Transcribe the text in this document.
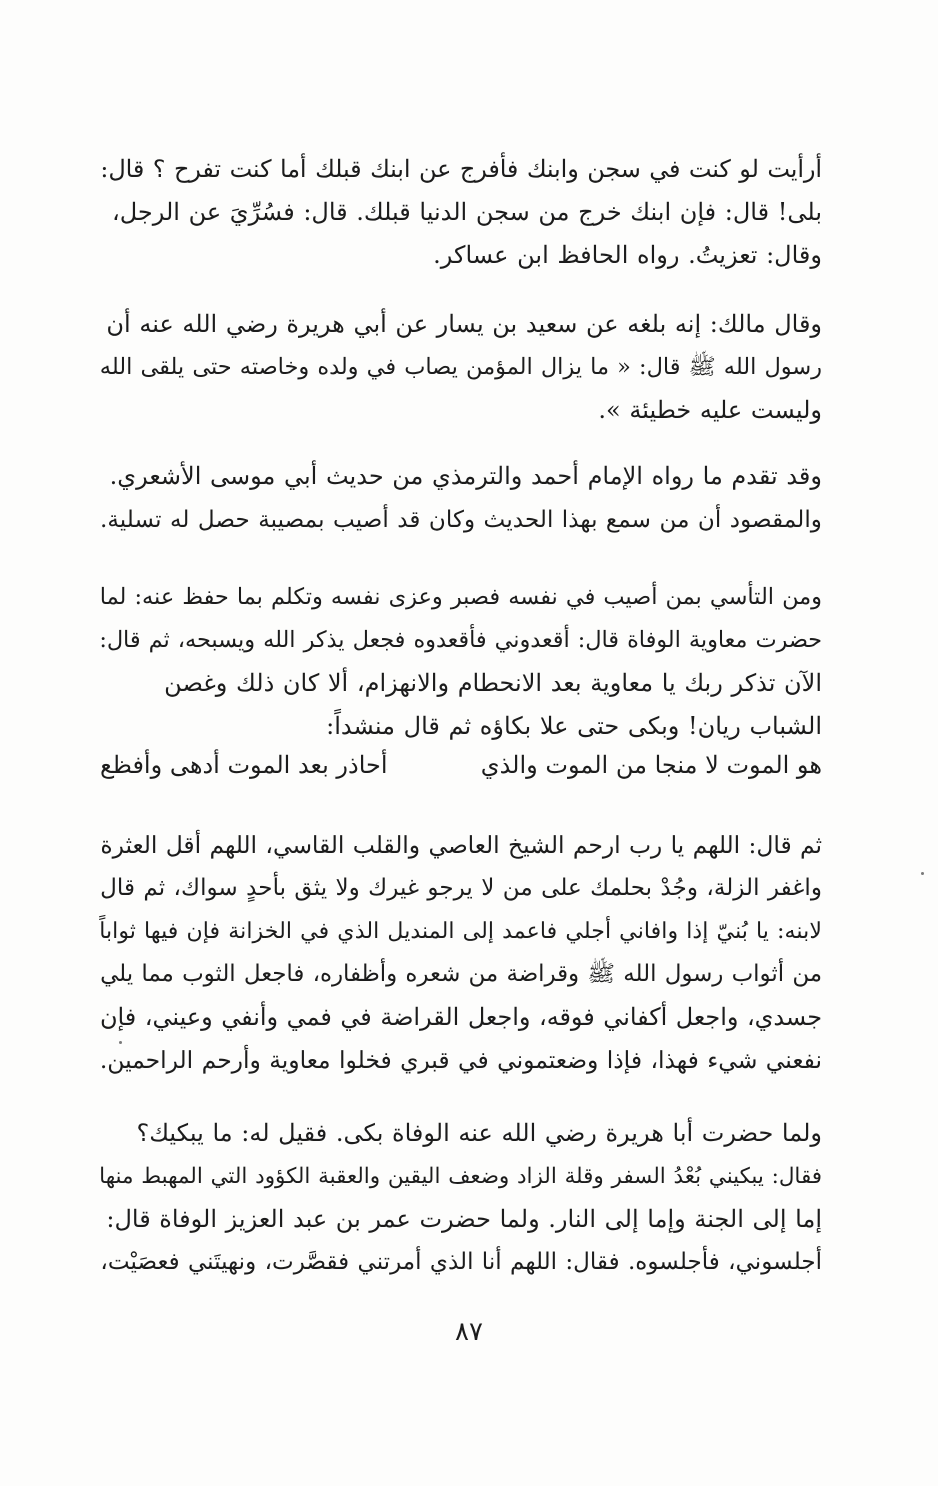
أرأيت لو كنت في سجن وابنك فأفرج عن ابنك قبلك أما كنت تفرح ؟ قال:
بلى! قال: فإن ابنك خرج من سجن الدنيا قبلك. قال: فسُرِّيَ عن الرجل،
وقال: تعزيتُ. رواه الحافظ ابن عساكر.

وقال مالك: إنه بلغه عن سعيد بن يسار عن أبي هريرة رضي الله عنه أن
رسول الله ﷺ قال: « ما يزال المؤمن يصاب في ولده وخاصته حتى يلقى الله
وليست عليه خطيئة ».

وقد تقدم ما رواه الإمام أحمد والترمذي من حديث أبي موسى الأشعري.
والمقصود أن من سمع بهذا الحديث وكان قد أصيب بمصيبة حصل له تسلية.

ومن التأسي بمن أصيب في نفسه فصبر وعزى نفسه وتكلم بما حفظ عنه: لما
حضرت معاوية الوفاة قال: أقعدوني فأقعدوه فجعل يذكر الله ويسبحه، ثم قال:
الآن تذكر ربك يا معاوية بعد الانحطام والانهزام، ألا كان ذلك وغصن
الشباب ريان! وبكى حتى علا بكاؤه ثم قال منشداً:

هو الموت لا منجا من الموت والذي
أحاذر بعد الموت أدهى وأفظع

ثم قال: اللهم يا رب ارحم الشيخ العاصي والقلب القاسي، اللهم أقل العثرة
واغفر الزلة، وجُدْ بحلمك على من لا يرجو غيرك ولا يثق بأحدٍ سواك، ثم قال
لابنه: يا بُنيّ إذا وافاني أجلي فاعمد إلى المنديل الذي في الخزانة فإن فيها ثواباً
من أثواب رسول الله ﷺ وقراضة من شعره وأظفاره، فاجعل الثوب مما يلي
جسدي، واجعل أكفاني فوقه، واجعل القراضة في فمي وأنفي وعيني، فإن
نفعني شيء فهذا، فإذا وضعتموني في قبري فخلوا معاوية وأرحم الراحمين.

ولما حضرت أبا هريرة رضي الله عنه الوفاة بكى. فقيل له: ما يبكيك؟
فقال: يبكيني بُعْدُ السفر وقلة الزاد وضعف اليقين والعقبة الكؤود التي المهبط منها
إما إلى الجنة وإما إلى النار. ولما حضرت عمر بن عبد العزيز الوفاة قال:
أجلسوني، فأجلسوه. فقال: اللهم أنا الذي أمرتني فقصَّرت، ونهيتَني فعصَيْت،

٨٧
